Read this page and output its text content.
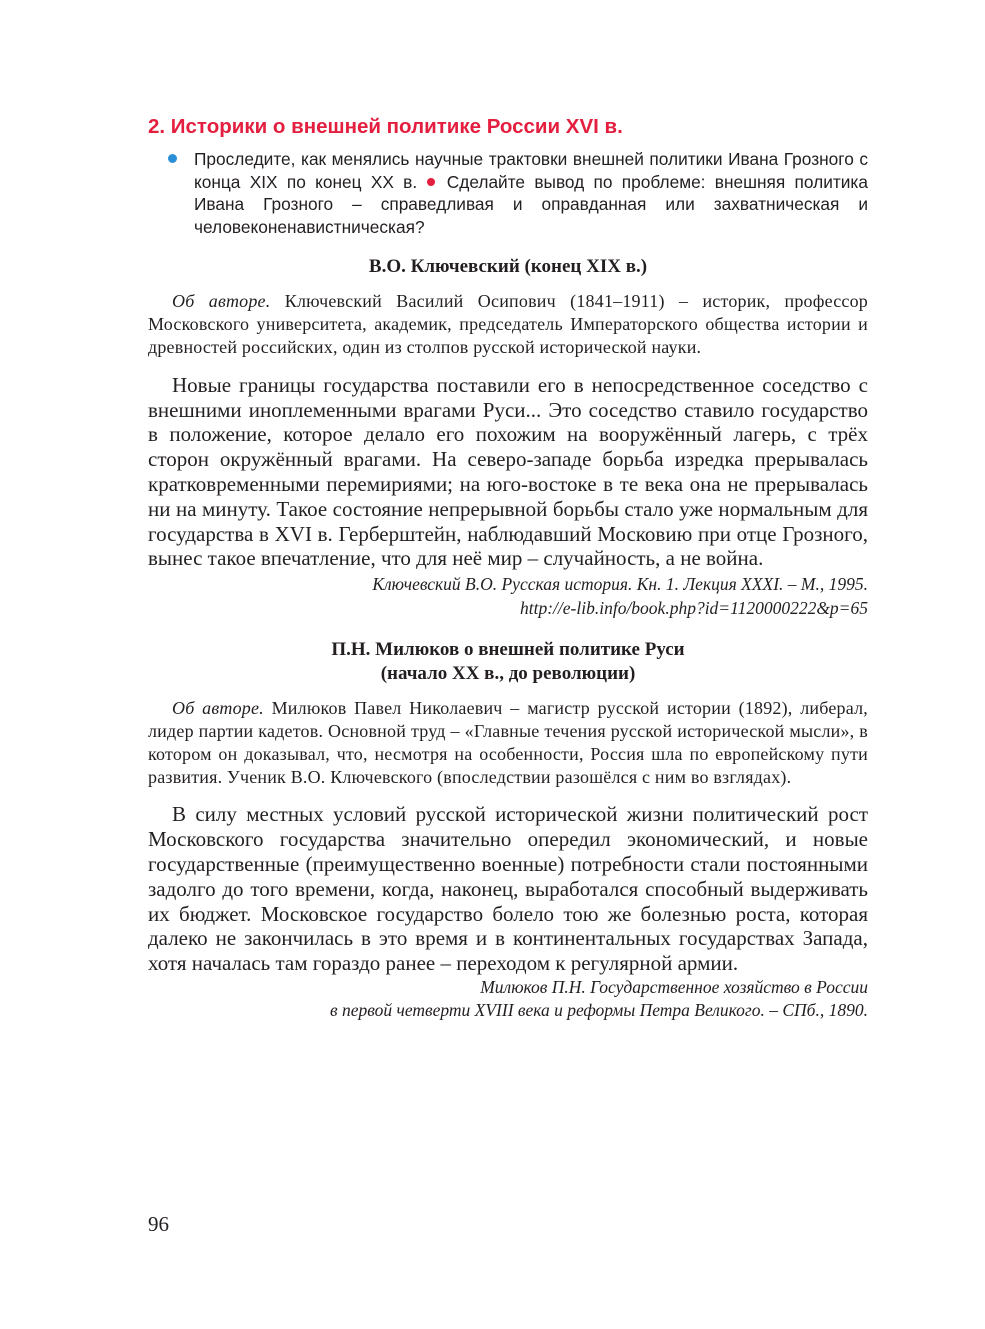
2. Историки о внешней политике России XVI в.

Проследите, как менялись научные трактовки внешней политики Ивана Грозного с конца XIX по конец XX в. Сделайте вывод по проблеме: внешняя политика Ивана Грозного – справедливая и оправданная или захватническая и человеконенавистническая?

В.О. Ключевский (конец XIX в.)

Об авторе. Ключевский Василий Осипович (1841–1911) – историк, профессор Московского университета, академик, председатель Императорского общества истории и древностей российских, один из столпов русской исторической науки.

Новые границы государства поставили его в непосредственное соседство с внешними иноплеменными врагами Руси... Это соседство ставило государство в положение, которое делало его похожим на вооружённый лагерь, с трёх сторон окружённый врагами. На северо-западе борьба изредка прерывалась кратковременными перемириями; на юго-востоке в те века она не прерывалась ни на минуту. Такое состояние непрерывной борьбы стало уже нормальным для государства в XVI в. Герберштейн, наблюдавший Московию при отце Грозного, вынес такое впечатление, что для неё мир – случайность, а не война.

Ключевский В.О. Русская история. Кн. 1. Лекция XXXI. – М., 1995.

http://e-lib.info/book.php?id=1120000222&p=65

П.Н. Милюков о внешней политике Руси
(начало XX в., до революции)

Об авторе. Милюков Павел Николаевич – магистр русской истории (1892), либерал, лидер партии кадетов. Основной труд – «Главные течения русской исторической мысли», в котором он доказывал, что, несмотря на особенности, Россия шла по европейскому пути развития. Ученик В.О. Ключевского (впоследствии разошёлся с ним во взглядах).

В силу местных условий русской исторической жизни политический рост Московского государства значительно опередил экономический, и новые государственные (преимущественно военные) потребности стали постоянными задолго до того времени, когда, наконец, выработался способный выдерживать их бюджет. Московское государство болело тою же болезнью роста, которая далеко не закончилась в это время и в континентальных государствах Запада, хотя началась там гораздо ранее – переходом к регулярной армии.

Милюков П.Н. Государственное хозяйство в России

в первой четверти XVIII века и реформы Петра Великого. – СПб., 1890.

96
